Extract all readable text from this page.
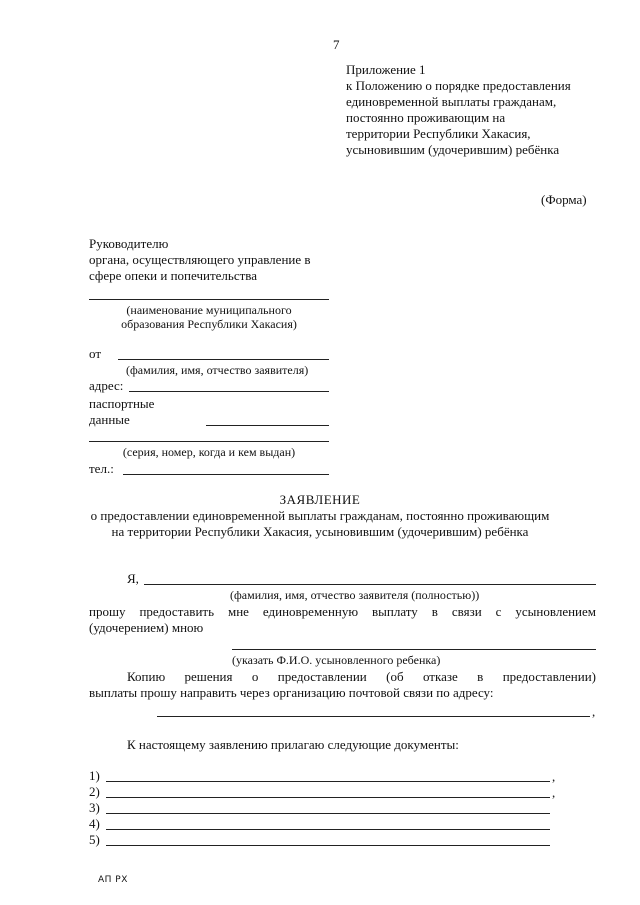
7
Приложение 1
к Положению о порядке предоставления
единовременной выплаты гражданам,
постоянно проживающим на
территории Республики Хакасия,
усыновившим (удочерившим) ребёнка
(Форма)
Руководителю
органа, осуществляющего управление в
сфере опеки и попечительства
(наименование муниципального
образования Республики Хакасия)
от
(фамилия, имя, отчество заявителя)
адрес:
паспортные
данные
(серия, номер, когда и кем выдан)
тел.:
ЗАЯВЛЕНИЕ
о предоставлении единовременной выплаты гражданам, постоянно проживающим
на территории Республики Хакасия, усыновившим (удочерившим) ребёнка
Я,
(фамилия, имя, отчество заявителя (полностью))
прошу предоставить мне единовременную выплату в связи с усыновлением
(удочерением) мною
(указать Ф.И.О. усыновленного ребенка)
Копию решения о предоставлении (об отказе в предоставлении)
выплаты прошу направить через организацию почтовой связи по адресу:
,
К настоящему заявлению прилагаю следующие документы:
1)	,
2)	,
3)
4)
5)
АП РХ
